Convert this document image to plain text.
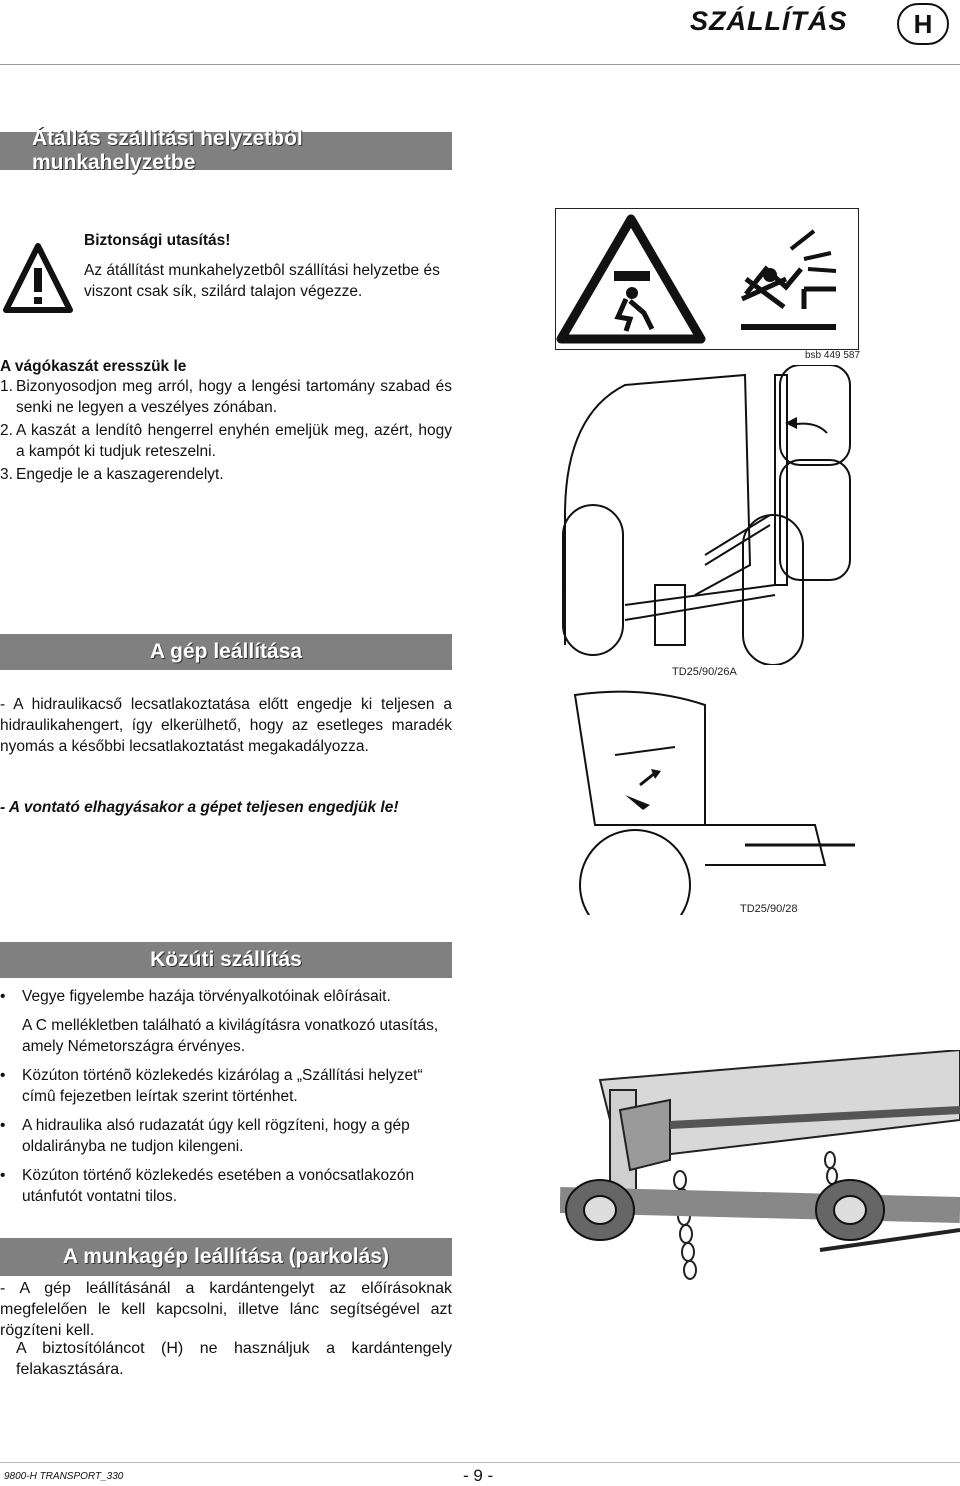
SZÁLLÍTÁS	H
Átállás szállítási helyzetbôl munkahelyzetbe
Biztonsági utasítás!
Az átállítást munkahelyzetbôl szállítási helyzetbe és viszont csak sík, szilárd talajon végezze.
A vágókaszát eresszük le
1. Bizonyosodjon meg arról, hogy a lengési tartomány szabad és senki ne legyen a veszélyes zónában.
2. A kaszát a lendítô hengerrel enyhén emeljük meg, azért, hogy a kampót ki tudjuk reteszelni.
3. Engedje le a kaszagerendelyt.
bsb 449 587
TD25/90/26A
A gép leállítása
- A hidraulikacső lecsatlakoztatása előtt engedje ki teljesen a hidraulikahengert, így elkerülhető, hogy az esetleges maradék nyomás a későbbi lecsatlakoztatást megakadályozza.
- A vontató elhagyásakor a gépet teljesen engedjük le!
TD25/90/28
Közúti szállítás
• Vegye figyelembe hazája törvényalkotóinak elôírásait.
A C mellékletben található a kivilágításra vonatkozó utasítás, amely Németországra érvényes.
• Közúton történõ közlekedés kizárólag a „Szállítási helyzet“ címû fejezetben leírtak szerint történhet.
• A hidraulika alsó rudazatát úgy kell rögzíteni, hogy a gép oldalirányba ne tudjon kilengeni.
• Közúton történő közlekedés esetében a vonócsatlakozón utánfutót vontatni tilos.
A munkagép leállítása (parkolás)
- A gép leállításánál a kardántengelyt az előírásoknak megfelelően le kell kapcsolni, illetve lánc segítségével azt rögzíteni kell.
A biztosítóláncot (H) ne használjuk a kardántengely felakasztására.
9800-H TRANSPORT_330	- 9 -
